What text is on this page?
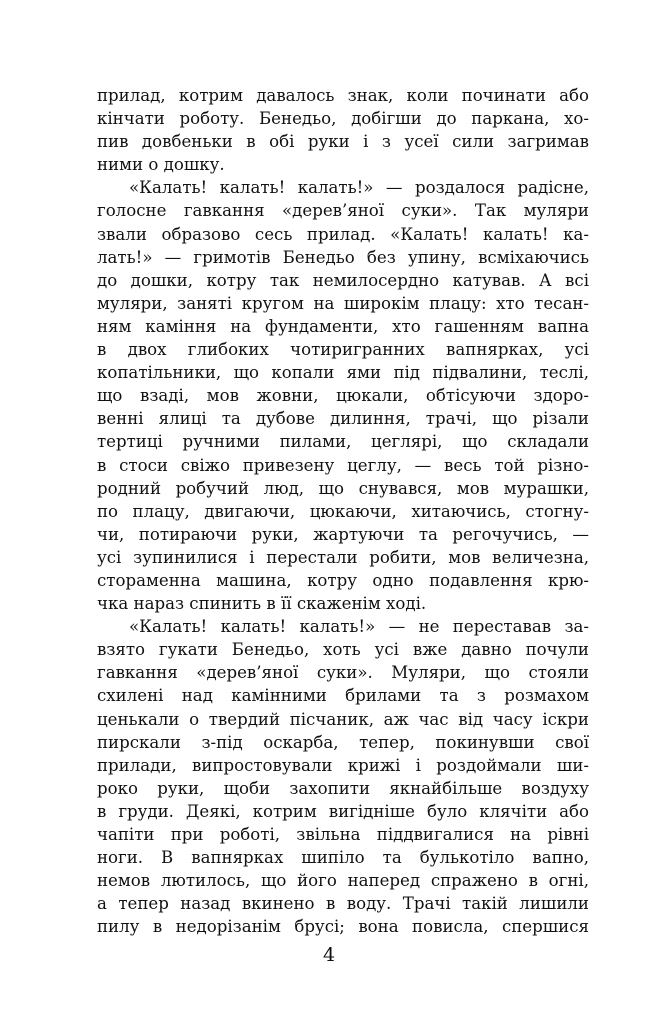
прилад, котрим давалось знак, коли починати або
кінчати роботу. Бенедьо, добігши до паркана, хо-
пив довбеньки в обі руки і з усеї сили загримав
ними о дошку.
«Калать! калать! калать!» — роздалося радісне,
голосне гавкання «дерев’яної суки». Так муляри
звали образово сесь прилад. «Калать! калать! ка-
лать!» — гримотів Бенедьо без упину, всміхаючись
до дошки, котру так немилосердно катував. А всі
муляри, заняті кругом на широкім плацу: хто тесан-
ням каміння на фундаменти, хто гашенням вапна
в двох глибоких чотиригранних вапнярках, усі
копатільники, що копали ями під підвалини, теслі,
що взаді, мов жовни, цюкали, обтісуючи здоро-
венні ялиці та дубове дилиння, трачі, що різали
тертиці ручними пилами, цеглярі, що складали
в стоси свіжо привезену цеглу, — весь той різно-
родний робучий люд, що снувався, мов мурашки,
по плацу, двигаючи, цюкаючи, хитаючись, стогну-
чи, потираючи руки, жартуючи та регочучись, —
усі зупинилися і перестали робити, мов величезна,
стораменна машина, котру одно подавлення крю-
чка нараз спинить в її скаженім ході.
«Калать! калать! калать!» — не переставав за-
взято гукати Бенедьо, хоть усі вже давно почули
гавкання «дерев’яної суки». Муляри, що стояли
схилені над камінними брилами та з розмахом
ценькали о твердий пісчаник, аж час від часу іскри
пирскали з-під оскарба, тепер, покинувши свої
прилади, випростовували крижі і роздоймали ши-
роко руки, щоби захопити якнайбільше воздуху
в груди. Деякі, котрим вигідніше було клячіти або
чапіти при роботі, звільна піддвигалися на рівні
ноги. В вапнярках шипіло та булькотіло вапно,
немов лютилось, що його наперед спражено в огні,
а тепер назад вкинено в воду. Трачі такій лишили
пилу в недорізанім брусі; вона повисла, спершися
4
